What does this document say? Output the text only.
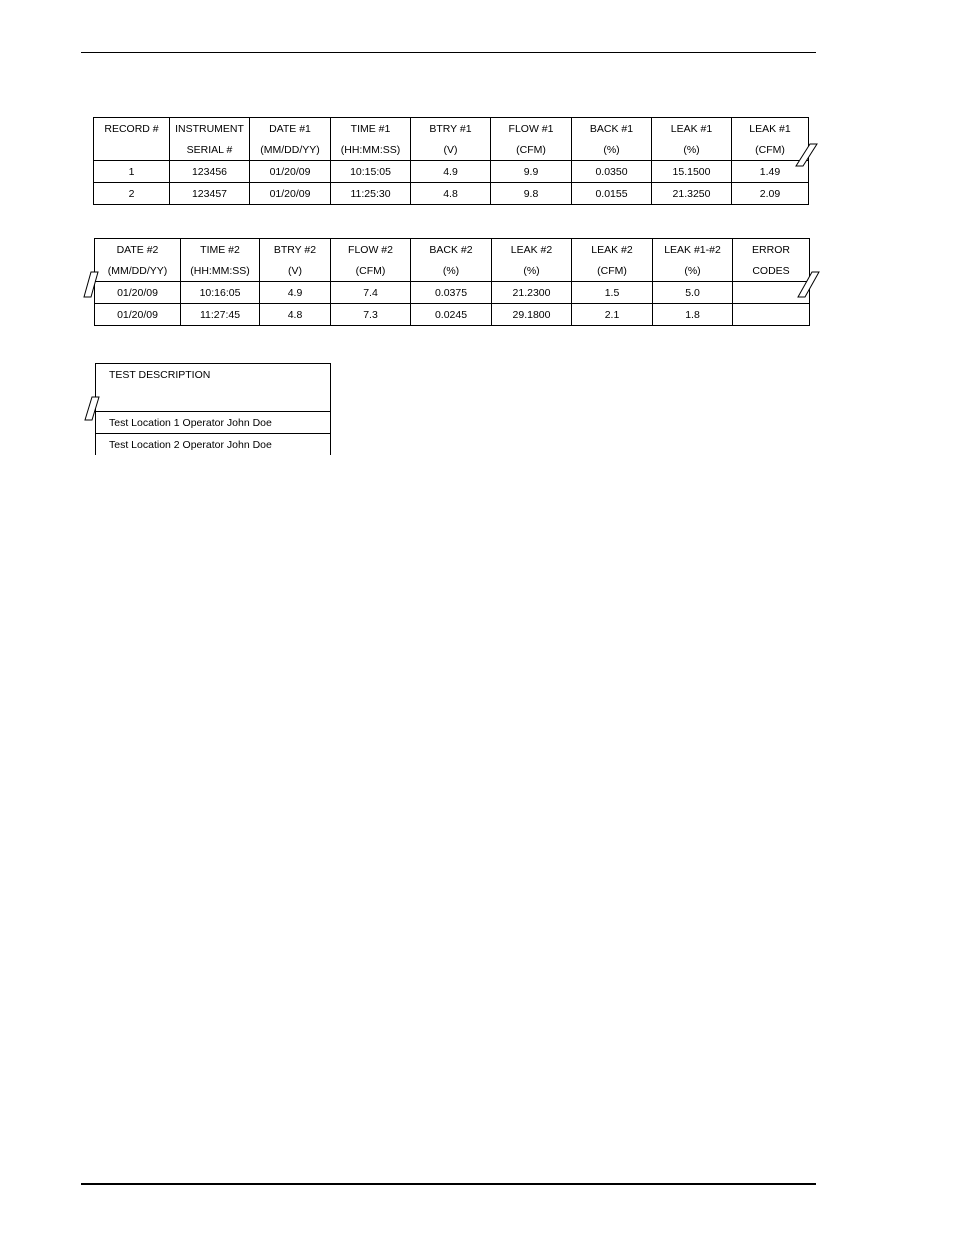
RECORD #	INSTRUMENT	DATE #1	TIME #1	BTRY #1	FLOW #1	BACK #1	LEAK #1	LEAK #1
	SERIAL #	(MM/DD/YY)	(HH:MM:SS)	(V)	(CFM)	(%)	(%)	(CFM)
1	123456	01/20/09	10:15:05	4.9	9.9	0.0350	15.1500	1.49
2	123457	01/20/09	11:25:30	4.8	9.8	0.0155	21.3250	2.09
DATE #2	TIME #2	BTRY #2	FLOW #2	BACK #2	LEAK #2	LEAK #2	LEAK #1-#2	ERROR
(MM/DD/YY)	(HH:MM:SS)	(V)	(CFM)	(%)	(%)	(CFM)	(%)	CODES
01/20/09	10:16:05	4.9	7.4	0.0375	21.2300	1.5	5.0	
01/20/09	11:27:45	4.8	7.3	0.0245	29.1800	2.1	1.8	
TEST DESCRIPTION
Test Location 1 Operator John Doe
Test Location 2 Operator John Doe
